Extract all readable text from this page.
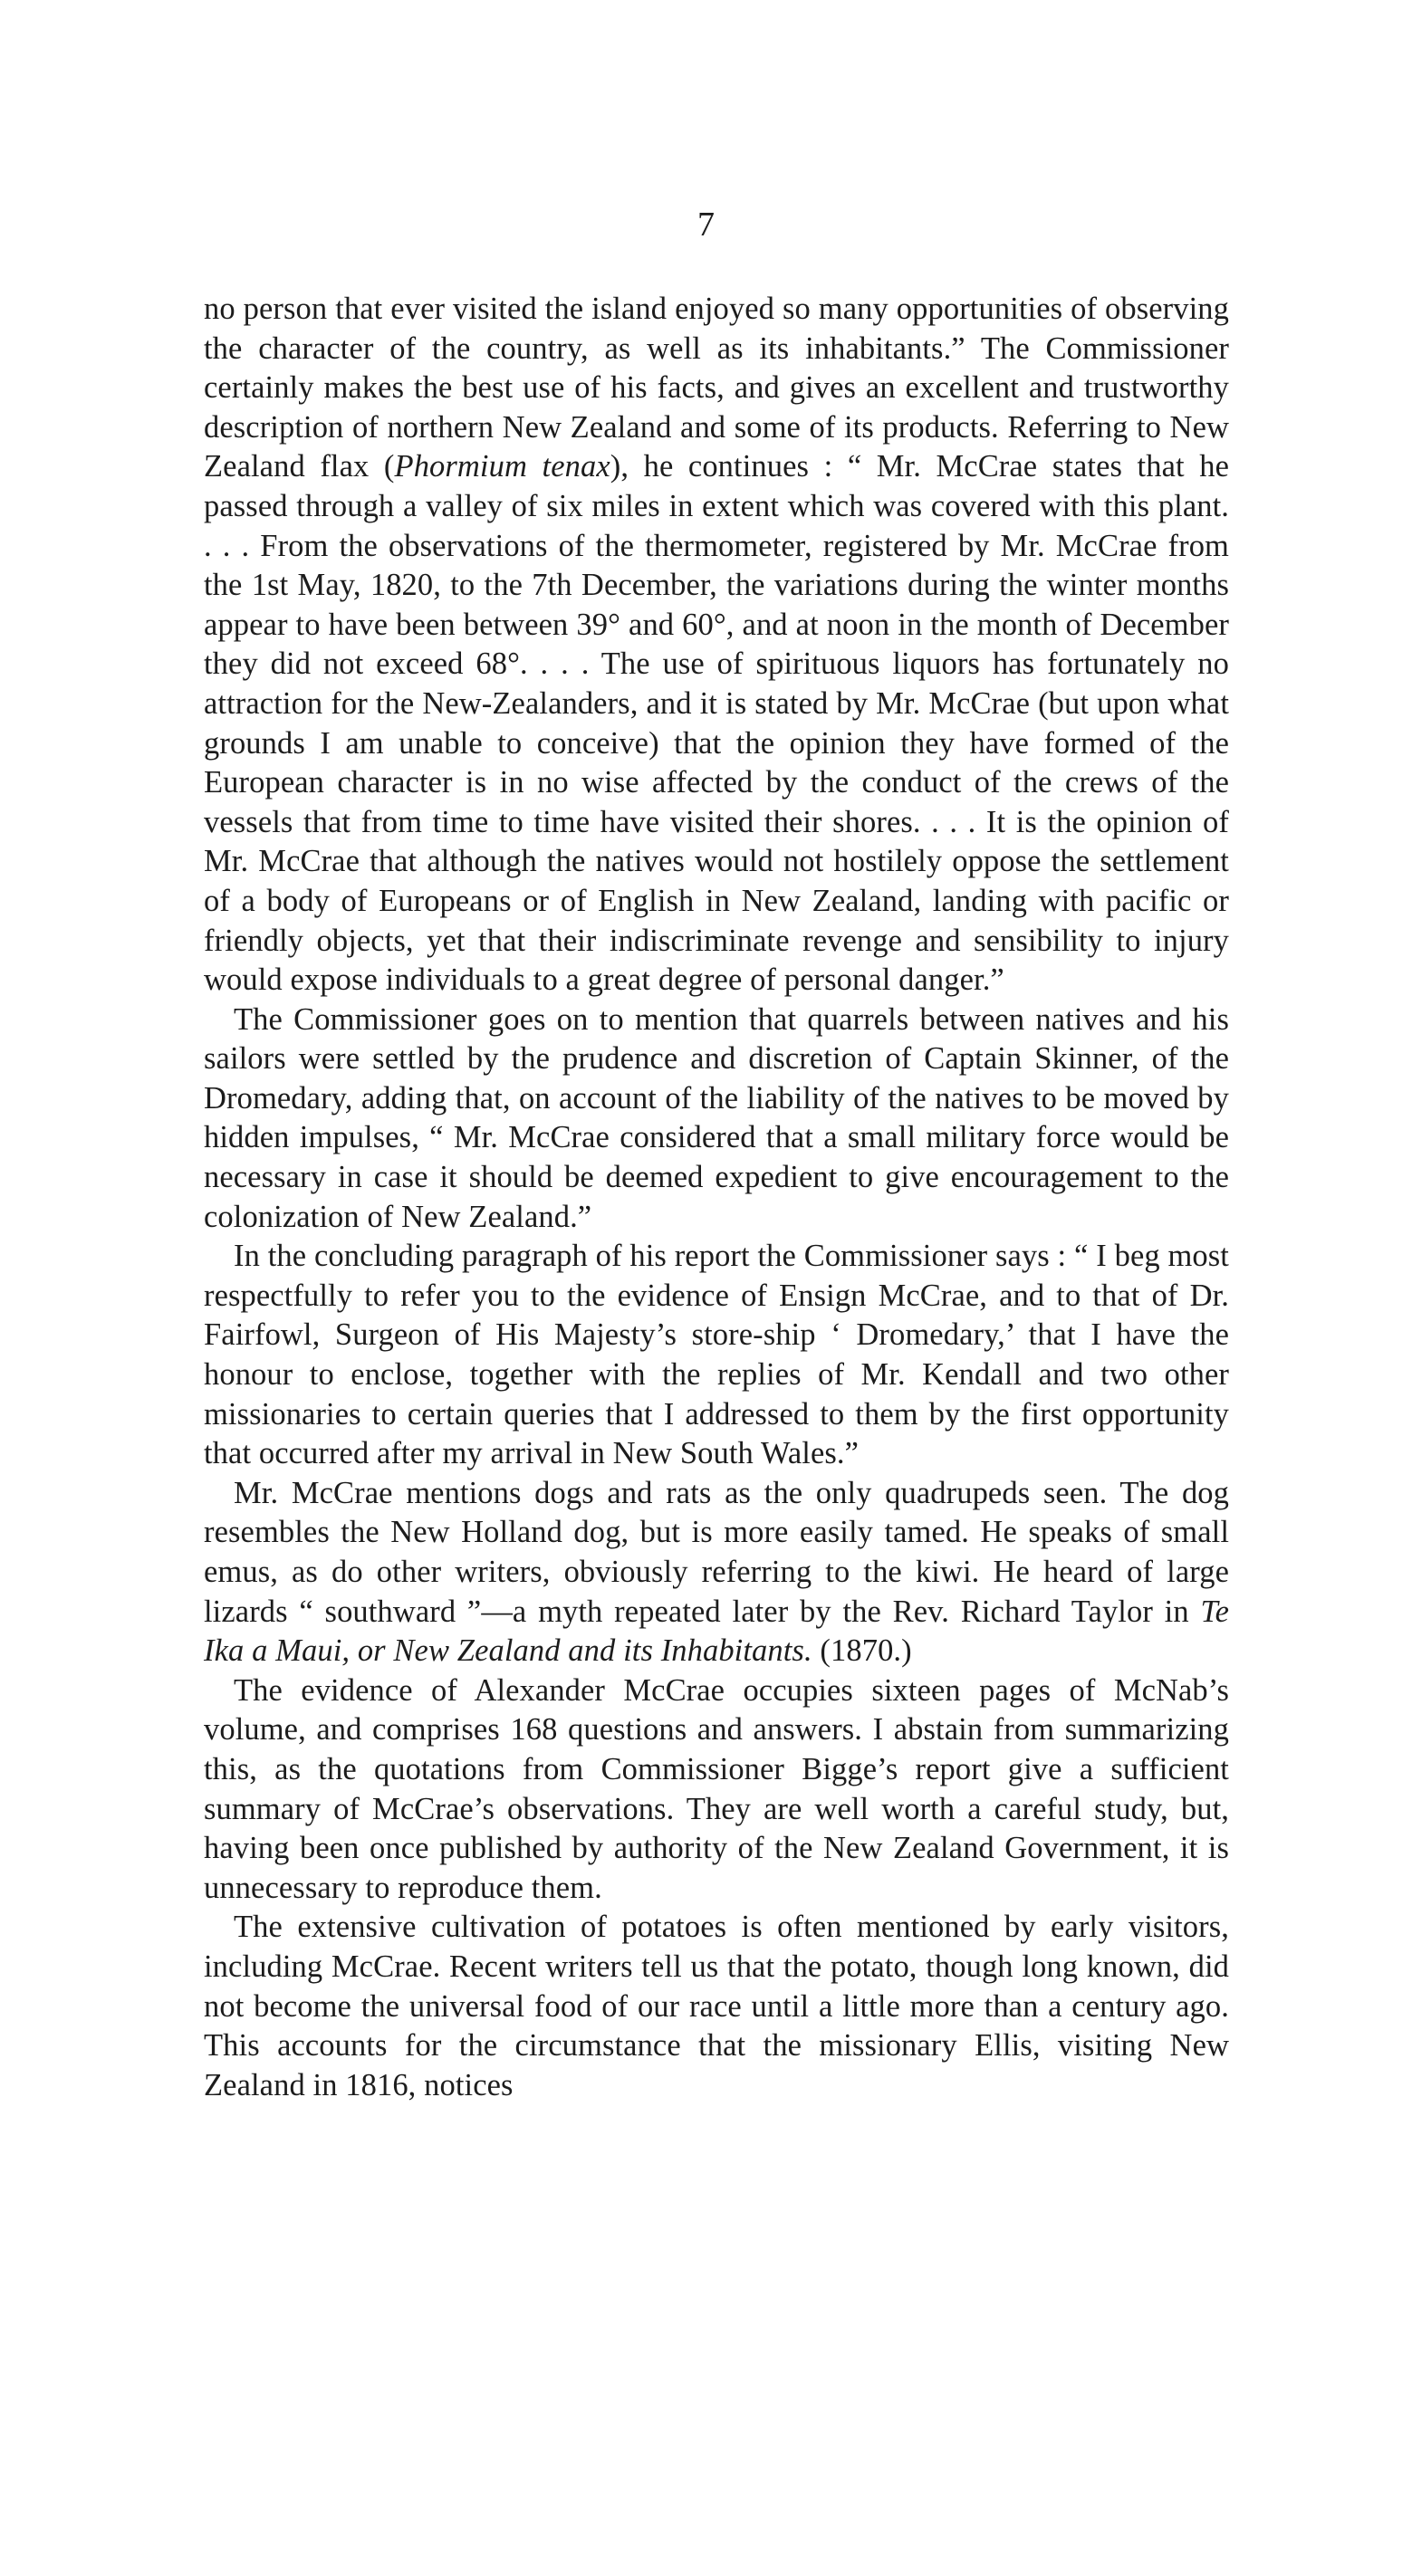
7

no person that ever visited the island enjoyed so many opportunities of observing the character of the country, as well as its inhabitants.” The Commissioner certainly makes the best use of his facts, and gives an excellent and trustworthy description of northern New Zealand and some of its products. Referring to New Zealand flax (Phormium tenax), he continues : “ Mr. McCrae states that he passed through a valley of six miles in extent which was covered with this plant. . . . From the observations of the thermometer, registered by Mr. McCrae from the 1st May, 1820, to the 7th December, the variations during the winter months appear to have been between 39° and 60°, and at noon in the month of December they did not exceed 68°. . . . The use of spirituous liquors has fortunately no attraction for the New-Zealanders, and it is stated by Mr. McCrae (but upon what grounds I am unable to conceive) that the opinion they have formed of the European character is in no wise affected by the conduct of the crews of the vessels that from time to time have visited their shores. . . . It is the opinion of Mr. McCrae that although the natives would not hostilely oppose the settlement of a body of Europeans or of English in New Zealand, landing with pacific or friendly objects, yet that their indiscriminate revenge and sensibility to injury would expose individuals to a great degree of personal danger.”

The Commissioner goes on to mention that quarrels between natives and his sailors were settled by the prudence and discretion of Captain Skinner, of the Dromedary, adding that, on account of the liability of the natives to be moved by hidden impulses, “ Mr. McCrae considered that a small military force would be necessary in case it should be deemed expedient to give encouragement to the colonization of New Zealand.”

In the concluding paragraph of his report the Commissioner says : “ I beg most respectfully to refer you to the evidence of Ensign McCrae, and to that of Dr. Fairfowl, Surgeon of His Majesty’s store-ship ‘ Dromedary,’ that I have the honour to enclose, together with the replies of Mr. Kendall and two other missionaries to certain queries that I addressed to them by the first opportunity that occurred after my arrival in New South Wales.”

Mr. McCrae mentions dogs and rats as the only quadrupeds seen. The dog resembles the New Holland dog, but is more easily tamed. He speaks of small emus, as do other writers, obviously referring to the kiwi. He heard of large lizards “ southward ”—a myth repeated later by the Rev. Richard Taylor in Te Ika a Maui, or New Zealand and its Inhabitants. (1870.)

The evidence of Alexander McCrae occupies sixteen pages of McNab’s volume, and comprises 168 questions and answers. I abstain from summarizing this, as the quotations from Commissioner Bigge’s report give a sufficient summary of McCrae’s observations. They are well worth a careful study, but, having been once published by authority of the New Zealand Government, it is unnecessary to reproduce them.

The extensive cultivation of potatoes is often mentioned by early visitors, including McCrae. Recent writers tell us that the potato, though long known, did not become the universal food of our race until a little more than a century ago. This accounts for the circumstance that the missionary Ellis, visiting New Zealand in 1816, notices
